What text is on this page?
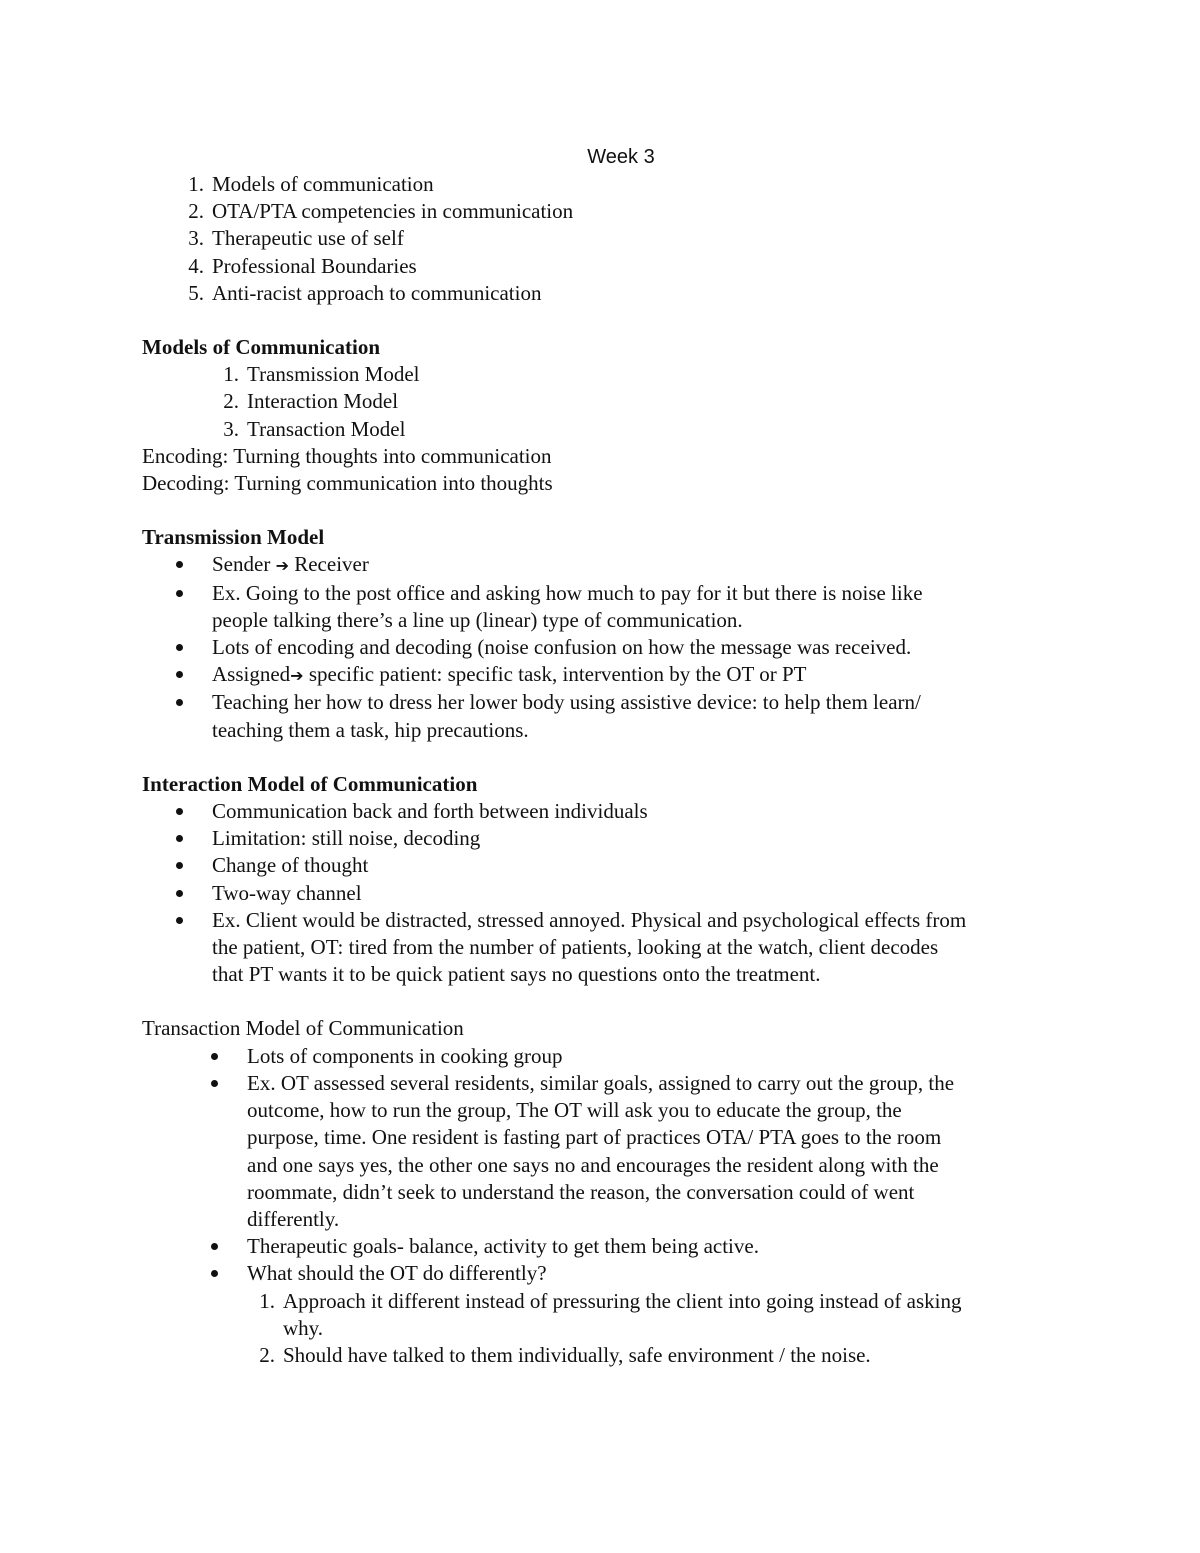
Week 3
1. Models of communication
2. OTA/PTA competencies in communication
3. Therapeutic use of self
4. Professional Boundaries
5. Anti-racist approach to communication
Models of Communication
1. Transmission Model
2. Interaction Model
3. Transaction Model
Encoding: Turning thoughts into communication
Decoding: Turning communication into thoughts
Transmission Model
Sender ➔ Receiver
Ex. Going to the post office and asking how much to pay for it but there is noise like
people talking there’s a line up (linear) type of communication.
Lots of encoding and decoding (noise confusion on how the message was received.
Assigned➔ specific patient: specific task, intervention by the OT or PT
Teaching her how to dress her lower body using assistive device: to help them learn/
teaching them a task, hip precautions.
Interaction Model of Communication
Communication back and forth between individuals
Limitation: still noise, decoding
Change of thought
Two-way channel
Ex. Client would be distracted, stressed annoyed. Physical and psychological effects from
the patient, OT: tired from the number of patients, looking at the watch, client decodes
that PT wants it to be quick patient says no questions onto the treatment.
Transaction Model of Communication
Lots of components in cooking group
Ex. OT assessed several residents, similar goals, assigned to carry out the group, the
outcome, how to run the group, The OT will ask you to educate the group, the
purpose, time. One resident is fasting part of practices OTA/ PTA goes to the room
and one says yes, the other one says no and encourages the resident along with the
roommate, didn’t seek to understand the reason, the conversation could of went
differently.
Therapeutic goals- balance, activity to get them being active.
What should the OT do differently?
1. Approach it different instead of pressuring the client into going instead of asking
why.
2. Should have talked to them individually, safe environment / the noise.
